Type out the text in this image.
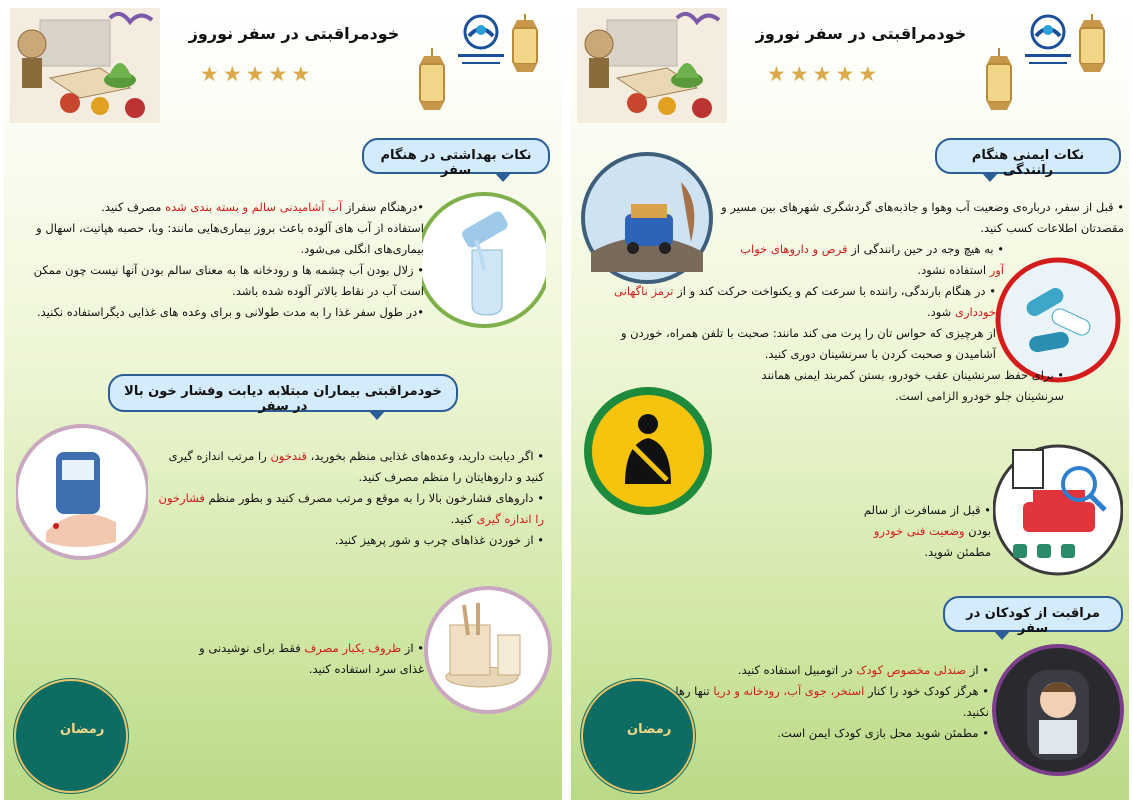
خودمراقبتی در سفر نوروز
★ ★ ★ ★ ★
نکات بهداشتی در هنگام سفر

•درهنگام سفراز آب آشامیدنی سالم و بسته بندی شده مصرف کنید.

استفاده از آب های آلوده باعث بروز بیماری‌هایی مانند: وبا، حصبه هپاتیت، اسهال و بیماری‌های انگلی می‌شود.

• زلال بودن آب چشمه ها و رودخانه ها به معنای سالم بودن آنها نیست چون ممکن است آب در نقاط بالاتر آلوده شده باشد.

•در طول سفر غذا را به مدت طولانی و برای وعده های غذایی دیگراستفاده نکنید.

خودمراقبتی بیماران مبتلابه دیابت وفشار خون بالا در سفر

• اگر دیابت دارید، وعده‌های غذایی منظم بخورید، قندخون را مرتب اندازه گیری کنید و داروهایتان را منظم مصرف کنید.

• داروهای فشارخون بالا را به موقع و مرتب مصرف کنید و بطور منظم فشارخون را اندازه گیری کنید.

• از خوردن غذاهای چرب و شور پرهیز کنید.

• از ظروف یکبار مصرف فقط برای نوشیدنی و غذای سرد استفاده کنید.

رمضان
خودمراقبتی در سفر نوروز
★ ★ ★ ★ ★
نکات ایمنی هنگام رانندگی

• قبل از سفر، درباره‌ی وضعیت آب وهوا و جاذبه‌های گردشگری شهرهای بین مسیر و مقصدتان اطلاعات کسب کنید.

• به هیچ وجه در حین رانندگی از قرص و داروهای خواب آور استفاده نشود.

• در هنگام بارندگی، راننده با سرعت کم و یکنواخت حرکت کند و از ترمز ناگهانی خودداری شود.

از هرچیزی که حواس تان را پرت می کند مانند: صحبت با تلفن همراه، خوردن و آشامیدن و صحبت کردن با سرنشینان دوری کنید.

• برای حفظ سرنشینان عقب خودرو، بستن کمربند ایمنی همانند سرنشینان جلو خودرو الزامی است.

• قبل از مسافرت از سالم بودن وضعیت فنی خودرو مطمئن شوید.

مراقبت از کودکان در سفر

• از صندلی مخصوص کودک در اتومبیل استفاده کنید.

• هرگز کودک خود را کنار استخر، جوی آب، رودخانه و دریا تنها رها نکنید.

• مطمئن شوید محل بازی کودک ایمن است.

رمضان
